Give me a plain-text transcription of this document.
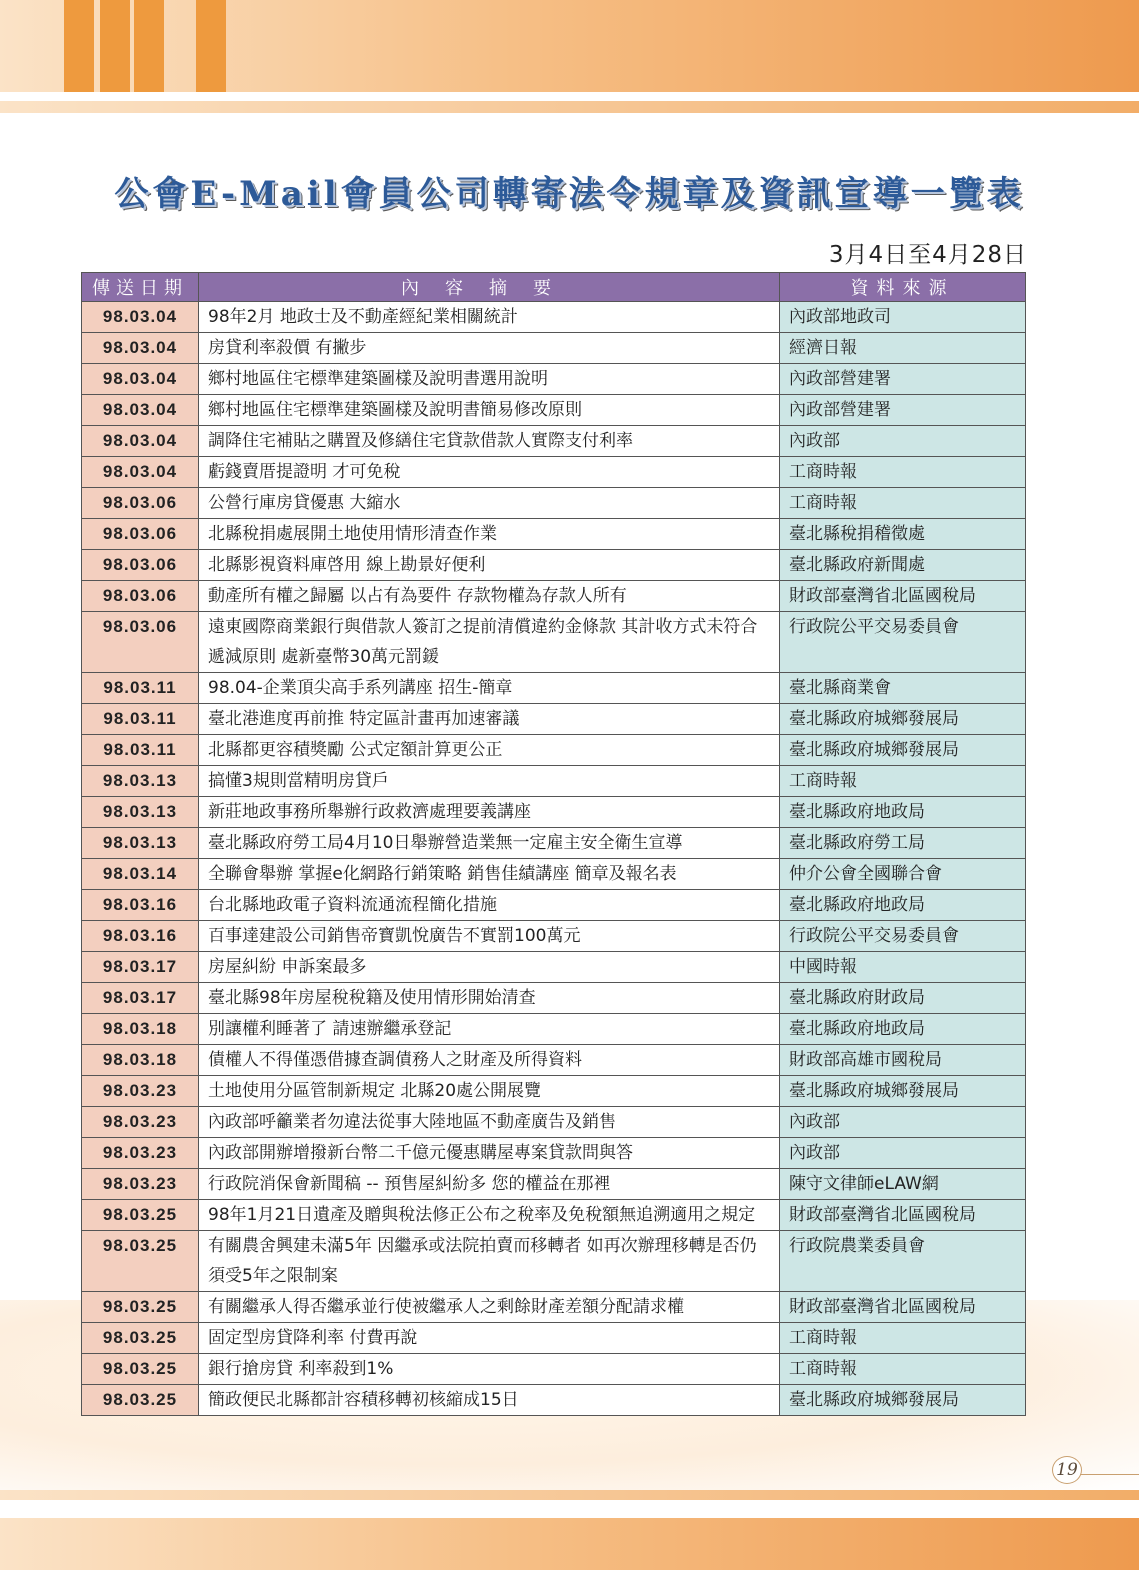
公會E-Mail會員公司轉寄法令規章及資訊宣導一覽表
3月4日至4月28日
傳送日期	內容摘要	資料來源
98.03.04	98年2月 地政士及不動產經紀業相關統計	內政部地政司
98.03.04	房貸利率殺價 有撇步	經濟日報
98.03.04	鄉村地區住宅標準建築圖樣及說明書選用說明	內政部營建署
98.03.04	鄉村地區住宅標準建築圖樣及說明書簡易修改原則	內政部營建署
98.03.04	調降住宅補貼之購置及修繕住宅貸款借款人實際支付利率	內政部
98.03.04	虧錢賣厝提證明 才可免稅	工商時報
98.03.06	公營行庫房貸優惠 大縮水	工商時報
98.03.06	北縣稅捐處展開土地使用情形清查作業	臺北縣稅捐稽徵處
98.03.06	北縣影視資料庫啓用 線上勘景好便利	臺北縣政府新聞處
98.03.06	動產所有權之歸屬 以占有為要件 存款物權為存款人所有	財政部臺灣省北區國稅局
98.03.06	遠東國際商業銀行與借款人簽訂之提前清償違約金條款 其計收方式未符合遞減原則 處新臺幣30萬元罰鍰	行政院公平交易委員會
98.03.11	98.04-企業頂尖高手系列講座 招生-簡章	臺北縣商業會
98.03.11	臺北港進度再前推 特定區計畫再加速審議	臺北縣政府城鄉發展局
98.03.11	北縣都更容積獎勵 公式定額計算更公正	臺北縣政府城鄉發展局
98.03.13	搞懂3規則當精明房貸戶	工商時報
98.03.13	新莊地政事務所舉辦行政救濟處理要義講座	臺北縣政府地政局
98.03.13	臺北縣政府勞工局4月10日舉辦營造業無一定雇主安全衛生宣導	臺北縣政府勞工局
98.03.14	全聯會舉辦 掌握e化網路行銷策略 銷售佳績講座 簡章及報名表	仲介公會全國聯合會
98.03.16	台北縣地政電子資料流通流程簡化措施	臺北縣政府地政局
98.03.16	百事達建設公司銷售帝寶凱悅廣告不實罰100萬元	行政院公平交易委員會
98.03.17	房屋糾紛 申訴案最多	中國時報
98.03.17	臺北縣98年房屋稅稅籍及使用情形開始清查	臺北縣政府財政局
98.03.18	別讓權利睡著了 請速辦繼承登記	臺北縣政府地政局
98.03.18	債權人不得僅憑借據查調債務人之財產及所得資料	財政部高雄市國稅局
98.03.23	土地使用分區管制新規定 北縣20處公開展覽	臺北縣政府城鄉發展局
98.03.23	內政部呼籲業者勿違法從事大陸地區不動產廣告及銷售	內政部
98.03.23	內政部開辦增撥新台幣二千億元優惠購屋專案貸款問與答	內政部
98.03.23	行政院消保會新聞稿 -- 預售屋糾紛多 您的權益在那裡	陳守文律師eLAW網
98.03.25	98年1月21日遺產及贈與稅法修正公布之稅率及免稅額無追溯適用之規定	財政部臺灣省北區國稅局
98.03.25	有關農舍興建未滿5年 因繼承或法院拍賣而移轉者 如再次辦理移轉是否仍須受5年之限制案	行政院農業委員會
98.03.25	有關繼承人得否繼承並行使被繼承人之剩餘財產差額分配請求權	財政部臺灣省北區國稅局
98.03.25	固定型房貸降利率 付費再說	工商時報
98.03.25	銀行搶房貸 利率殺到1%	工商時報
98.03.25	簡政便民北縣都計容積移轉初核縮成15日	臺北縣政府城鄉發展局
19
